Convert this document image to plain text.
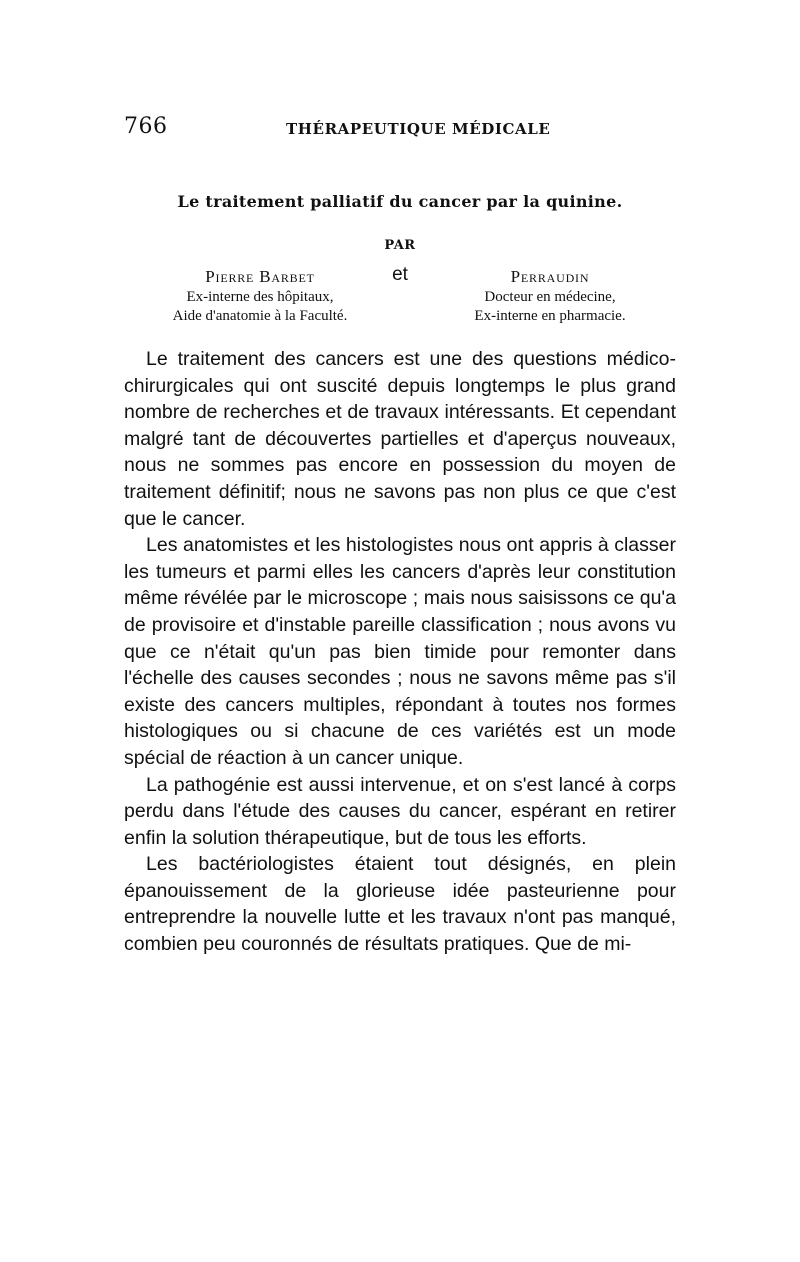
766	THÉRAPEUTIQUE MÉDICALE
Le traitement palliatif du cancer par la quinine.
PAR
Pierre Barbet
Ex-interne des hôpitaux,
Aide d'anatomie à la Faculté.
et	Perraudin
Docteur en médecine,
Ex-interne en pharmacie.

Le traitement des cancers est une des questions médico-chirurgicales qui ont suscité depuis longtemps le plus grand nombre de recherches et de travaux intéressants. Et cependant malgré tant de découvertes partielles et d'aperçus nouveaux, nous ne sommes pas encore en possession du moyen de traitement définitif; nous ne savons pas non plus ce que c'est que le cancer.

Les anatomistes et les histologistes nous ont appris à classer les tumeurs et parmi elles les cancers d'après leur constitution même révélée par le microscope ; mais nous saisissons ce qu'a de provisoire et d'instable pareille classification ; nous avons vu que ce n'était qu'un pas bien timide pour remonter dans l'échelle des causes secondes ; nous ne savons même pas s'il existe des cancers multiples, répondant à toutes nos formes histologiques ou si chacune de ces variétés est un mode spécial de réaction à un cancer unique.

La pathogénie est aussi intervenue, et on s'est lancé à corps perdu dans l'étude des causes du cancer, espérant en retirer enfin la solution thérapeutique, but de tous les efforts.

Les bactériologistes étaient tout désignés, en plein épanouissement de la glorieuse idée pasteurienne pour entreprendre la nouvelle lutte et les travaux n'ont pas manqué, combien peu couronnés de résultats pratiques. Que de mi-
